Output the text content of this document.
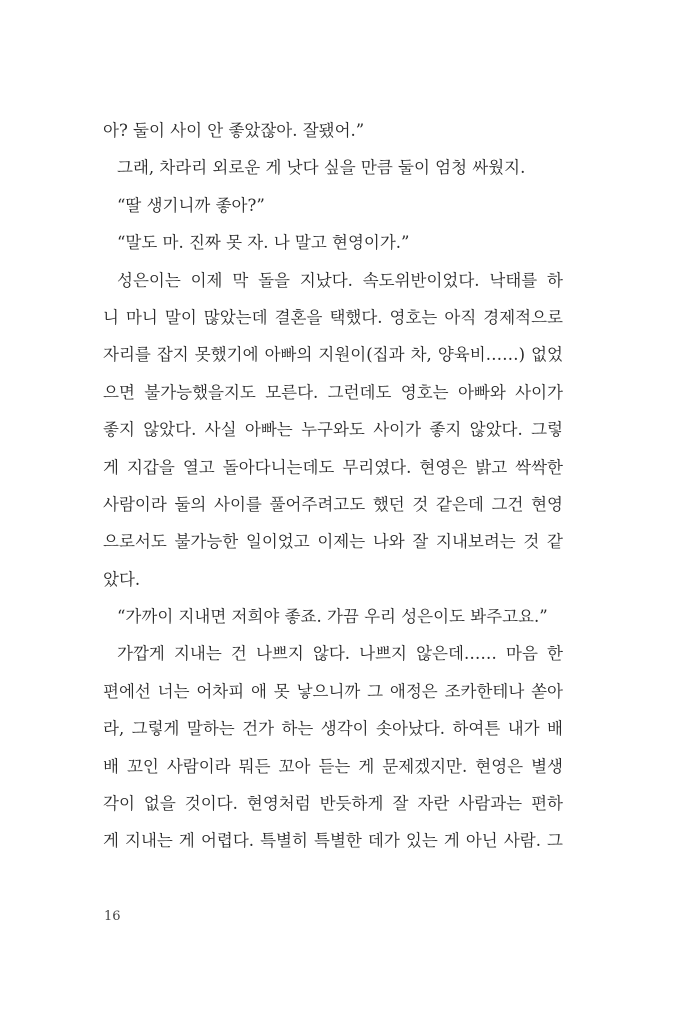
아? 둘이 사이 안 좋았잖아. 잘됐어.”
그래, 차라리 외로운 게 낫다 싶을 만큼 둘이 엄청 싸웠지.
“딸 생기니까 좋아?”
“말도 마. 진짜 못 자. 나 말고 현영이가.”
성은이는 이제 막 돌을 지났다. 속도위반이었다. 낙태를 하
니 마니 말이 많았는데 결혼을 택했다. 영호는 아직 경제적으로
자리를 잡지 못했기에 아빠의 지원이(집과 차, 양육비……) 없었
으면 불가능했을지도 모른다. 그런데도 영호는 아빠와 사이가
좋지 않았다. 사실 아빠는 누구와도 사이가 좋지 않았다. 그렇
게 지갑을 열고 돌아다니는데도 무리였다. 현영은 밝고 싹싹한
사람이라 둘의 사이를 풀어주려고도 했던 것 같은데 그건 현영
으로서도 불가능한 일이었고 이제는 나와 잘 지내보려는 것 같
았다.
“가까이 지내면 저희야 좋죠. 가끔 우리 성은이도 봐주고요.”
가깝게 지내는 건 나쁘지 않다. 나쁘지 않은데…… 마음 한
편에선 너는 어차피 애 못 낳으니까 그 애정은 조카한테나 쏟아
라, 그렇게 말하는 건가 하는 생각이 솟아났다. 하여튼 내가 배
배 꼬인 사람이라 뭐든 꼬아 듣는 게 문제겠지만. 현영은 별생
각이 없을 것이다. 현영처럼 반듯하게 잘 자란 사람과는 편하
게 지내는 게 어렵다. 특별히 특별한 데가 있는 게 아닌 사람. 그
16
